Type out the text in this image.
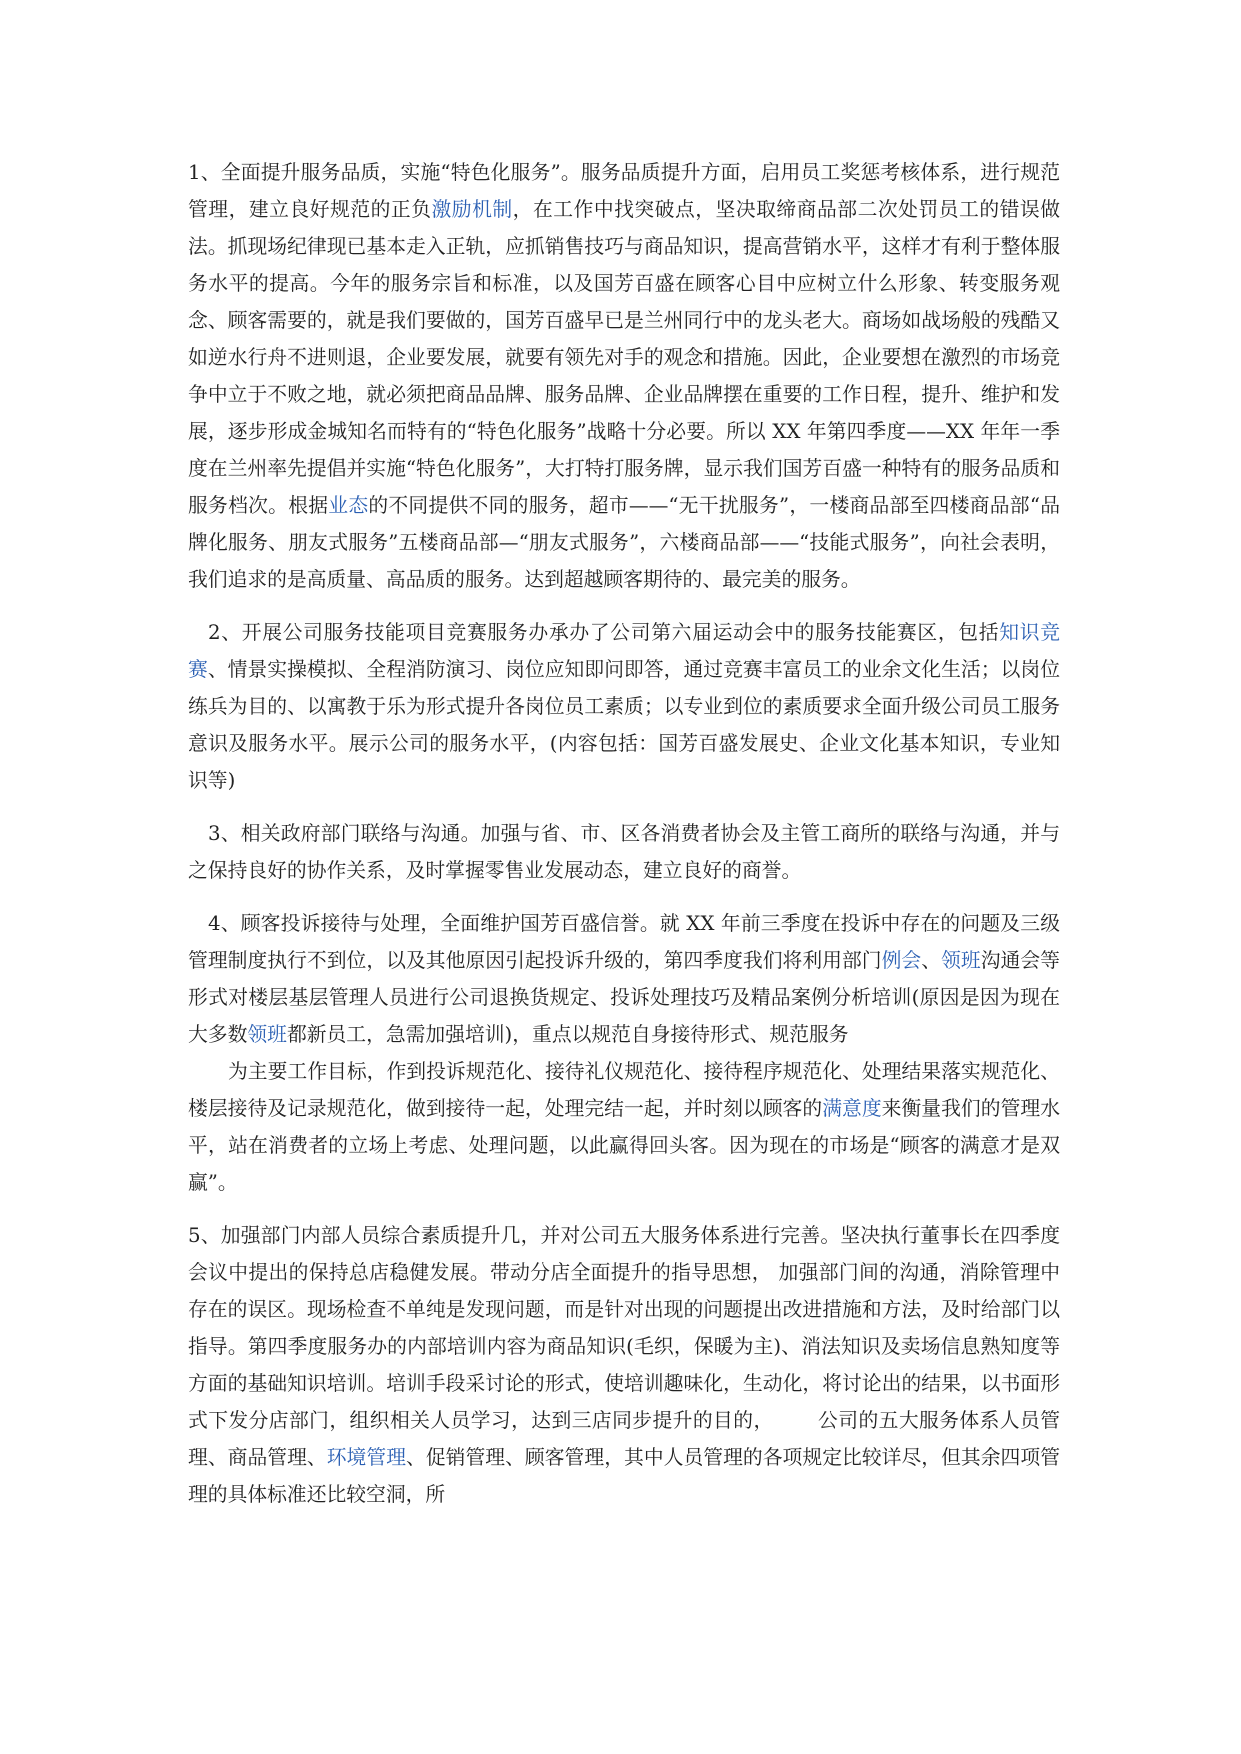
1、全面提升服务品质，实施“特色化服务”。服务品质提升方面，启用员工奖惩考核体系，进行规范管理，建立良好规范的正负激励机制，在工作中找突破点，坚决取缔商品部二次处罚员工的错误做法。抓现场纪律现已基本走入正轨，应抓销售技巧与商品知识，提高营销水平，这样才有利于整体服务水平的提高。今年的服务宗旨和标准，以及国芳百盛在顾客心目中应树立什么形象、转变服务观念、顾客需要的，就是我们要做的，国芳百盛早已是兰州同行中的龙头老大。商场如战场般的残酷又如逆水行舟不进则退，企业要发展，就要有领先对手的观念和措施。因此，企业要想在激烈的市场竞争中立于不败之地，就必须把商品品牌、服务品牌、企业品牌摆在重要的工作日程，提升、维护和发展，逐步形成金城知名而特有的“特色化服务”战略十分必要。所以 XX 年第四季度——XX 年年一季度在兰州率先提倡并实施“特色化服务”，大打特打服务牌，显示我们国芳百盛一种特有的服务品质和服务档次。根据业态的不同提供不同的服务，超市——“无干扰服务”，一楼商品部至四楼商品部“品牌化服务、朋友式服务”五楼商品部—“朋友式服务”，六楼商品部——“技能式服务”，向社会表明，我们追求的是高质量、高品质的服务。达到超越顾客期待的、最完美的服务。

2、开展公司服务技能项目竞赛服务办承办了公司第六届运动会中的服务技能赛区，包括知识竞赛、情景实操模拟、全程消防演习、岗位应知即问即答，通过竞赛丰富员工的业余文化生活；以岗位练兵为目的、以寓教于乐为形式提升各岗位员工素质；以专业到位的素质要求全面升级公司员工服务意识及服务水平。展示公司的服务水平，(内容包括：国芳百盛发展史、企业文化基本知识，专业知识等)

3、相关政府部门联络与沟通。加强与省、市、区各消费者协会及主管工商所的联络与沟通，并与之保持良好的协作关系，及时掌握零售业发展动态，建立良好的商誉。

4、顾客投诉接待与处理，全面维护国芳百盛信誉。就 XX 年前三季度在投诉中存在的问题及三级管理制度执行不到位，以及其他原因引起投诉升级的，第四季度我们将利用部门例会、领班沟通会等形式对楼层基层管理人员进行公司退换货规定、投诉处理技巧及精品案例分析培训(原因是因为现在大多数领班都新员工，急需加强培训)，重点以规范自身接待形式、规范服务

为主要工作目标，作到投诉规范化、接待礼仪规范化、接待程序规范化、处理结果落实规范化、楼层接待及记录规范化，做到接待一起，处理完结一起，并时刻以顾客的满意度来衡量我们的管理水平，站在消费者的立场上考虑、处理问题，以此赢得回头客。因为现在的市场是“顾客的满意才是双赢”。

5、加强部门内部人员综合素质提升几，并对公司五大服务体系进行完善。坚决执行董事长在四季度会议中提出的保持总店稳健发展。带动分店全面提升的指导思想， 加强部门间的沟通，消除管理中存在的误区。现场检查不单纯是发现问题，而是针对出现的问题提出改进措施和方法，及时给部门以指导。第四季度服务办的内部培训内容为商品知识(毛织，保暖为主)、消法知识及卖场信息熟知度等方面的基础知识培训。培训手段采讨论的形式，使培训趣味化，生动化，将讨论出的结果，以书面形式下发分店部门，组织相关人员学习，达到三店同步提升的目的， 公司的五大服务体系人员管理、商品管理、环境管理、促销管理、顾客管理，其中人员管理的各项规定比较详尽，但其余四项管理的具体标准还比较空洞，所
